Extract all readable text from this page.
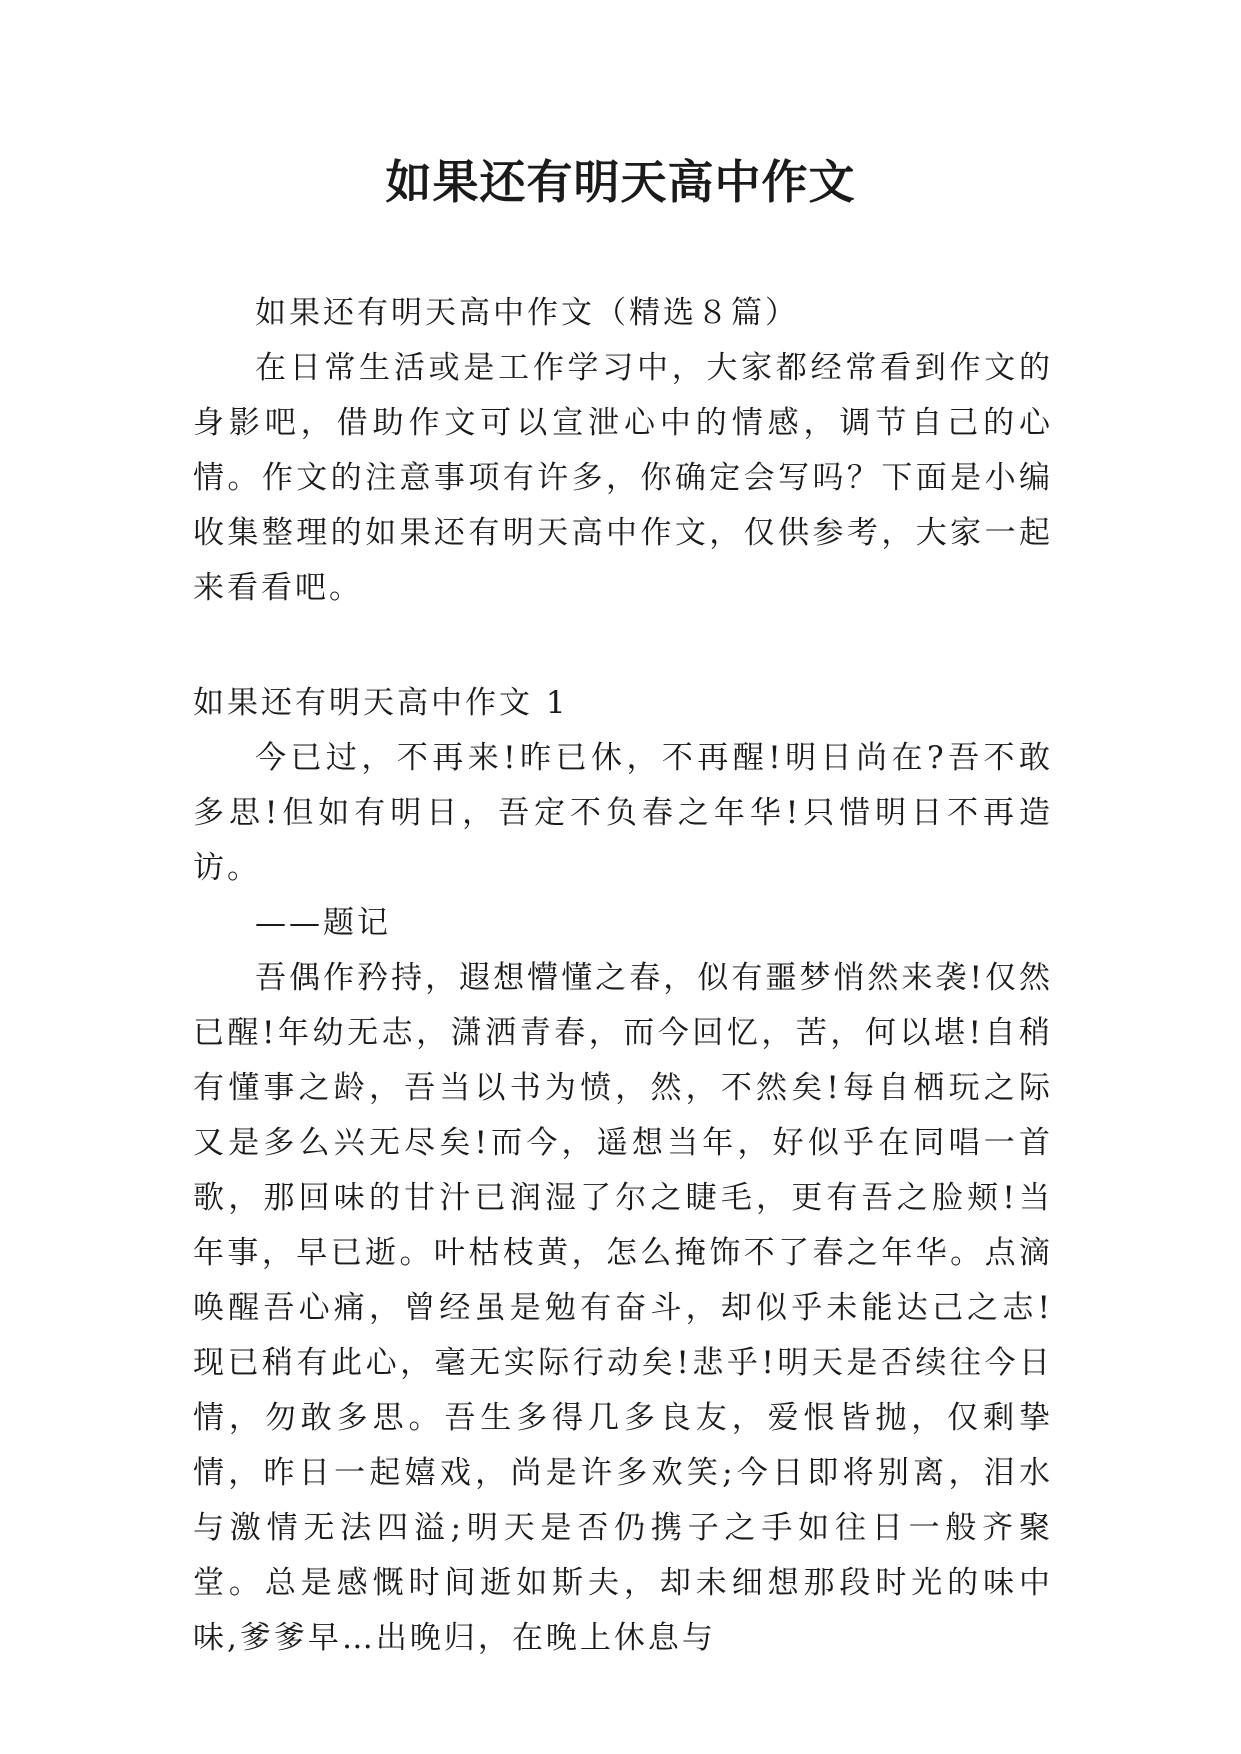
如果还有明天高中作文

如果还有明天高中作文（精选８篇）

在日常生活或是工作学习中，大家都经常看到作文的身影吧，借助作文可以宣泄心中的情感，调节自己的心情。作文的注意事项有许多，你确定会写吗？下面是小编收集整理的如果还有明天高中作文，仅供参考，大家一起来看看吧。

如果还有明天高中作文 1

今已过，不再来!昨已休，不再醒!明日尚在?吾不敢多思!但如有明日，吾定不负春之年华!只惜明日不再造访。

——题记

吾偶作矜持，遐想懵懂之春，似有噩梦悄然来袭!仅然已醒!年幼无志，潇洒青春，而今回忆，苦，何以堪!自稍有懂事之龄，吾当以书为愤，然，不然矣!每自栖玩之际又是多么兴无尽矣!而今，遥想当年，好似乎在同唱一首歌，那回味的甘汁已润湿了尔之睫毛，更有吾之脸颊!当年事，早已逝。叶枯枝黄，怎么掩饰不了春之年华。点滴唤醒吾心痛，曾经虽是勉有奋斗，却似乎未能达己之志!现已稍有此心，毫无实际行动矣!悲乎!明天是否续往今日情，勿敢多思。吾生多得几多良友，爱恨皆抛，仅剩挚情，昨日一起嬉戏，尚是许多欢笑;今日即将别离，泪水与激情无法四溢;明天是否仍携子之手如往日一般齐聚堂。总是感慨时间逝如斯夫，却未细想那段时光的味中味,爹爹早…出晚归，在晚上休息与
